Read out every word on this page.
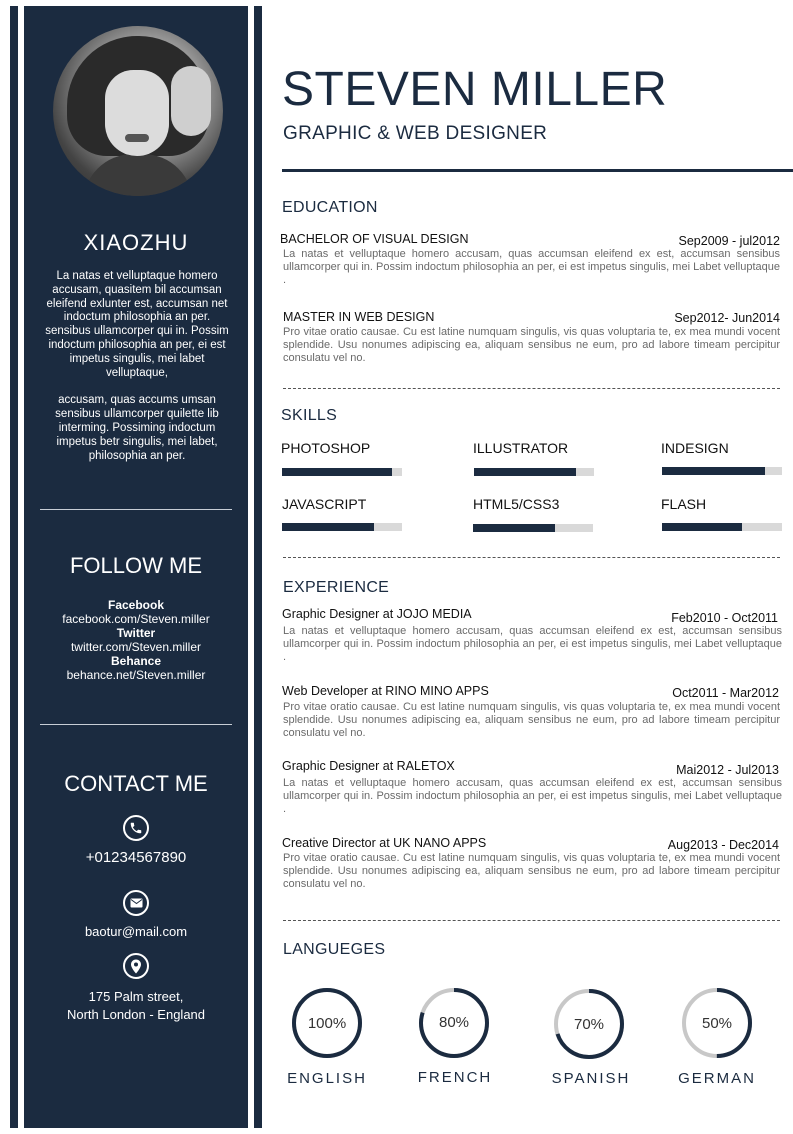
XIAOZHU

La natas et velluptaque homero accusam, quasitem bil accumsan eleifend exlunter est, accumsan net indoctum philosophia an per. sensibus ullamcorper qui in. Possim indoctum philosophia an per, ei est impetus singulis, mei labet velluptaque,

accusam, quas accums umsan sensibus ullamcorper quilette lib interming. Possiming indoctum impetus betr singulis, mei labet, philosophia an per.

FOLLOW ME
Facebook
facebook.com/Steven.miller
Twitter
twitter.com/Steven.miller
Behance
behance.net/Steven.miller
CONTACT ME
+01234567890
baotur@mail.com
175 Palm street,
North London - England
STEVEN MILLER
GRAPHIC & WEB DESIGNER
EDUCATION
BACHELOR OF VISUAL DESIGN	Sep2009 - jul2012
La natas et velluptaque homero accusam, quas accumsan eleifend ex est, accumsan sensibus ullamcorper qui in. Possim indoctum philosophia an per, ei est impetus singulis, mei Labet velluptaque .
MASTER IN WEB DESIGN	Sep2012- Jun2014
Pro vitae oratio causae. Cu est latine numquam singulis, vis quas voluptaria te, ex mea mundi vocent splendide. Usu nonumes adipiscing ea, aliquam sensibus ne eum, pro ad labore timeam percipitur consulatu vel no.
SKILLS
PHOTOSHOP	ILLUSTRATOR	INDESIGN
JAVASCRIPT	HTML5/CSS3	FLASH
EXPERIENCE
Graphic Designer at JOJO MEDIA	Feb2010 - Oct2011
La natas et velluptaque homero accusam, quas accumsan eleifend ex est, accumsan sensibus ullamcorper qui in. Possim indoctum philosophia an per, ei est impetus singulis, mei Labet velluptaque .
Web Developer at RINO MINO APPS	Oct2011 - Mar2012
Pro vitae oratio causae. Cu est latine numquam singulis, vis quas voluptaria te, ex mea mundi vocent splendide. Usu nonumes adipiscing ea, aliquam sensibus ne eum, pro ad labore timeam percipitur consulatu vel no.
Graphic Designer at RALETOX	Mai2012 - Jul2013
La natas et velluptaque homero accusam, quas accumsan eleifend ex est, accumsan sensibus ullamcorper qui in. Possim indoctum philosophia an per, ei est impetus singulis, mei Labet velluptaque .
Creative Director at UK NANO APPS	Aug2013 - Dec2014
Pro vitae oratio causae. Cu est latine numquam singulis, vis quas voluptaria te, ex mea mundi vocent splendide. Usu nonumes adipiscing ea, aliquam sensibus ne eum, pro ad labore timeam percipitur consulatu vel no.
LANGUEGES
100%
ENGLISH
80%
FRENCH
70%
SPANISH
50%
GERMAN
